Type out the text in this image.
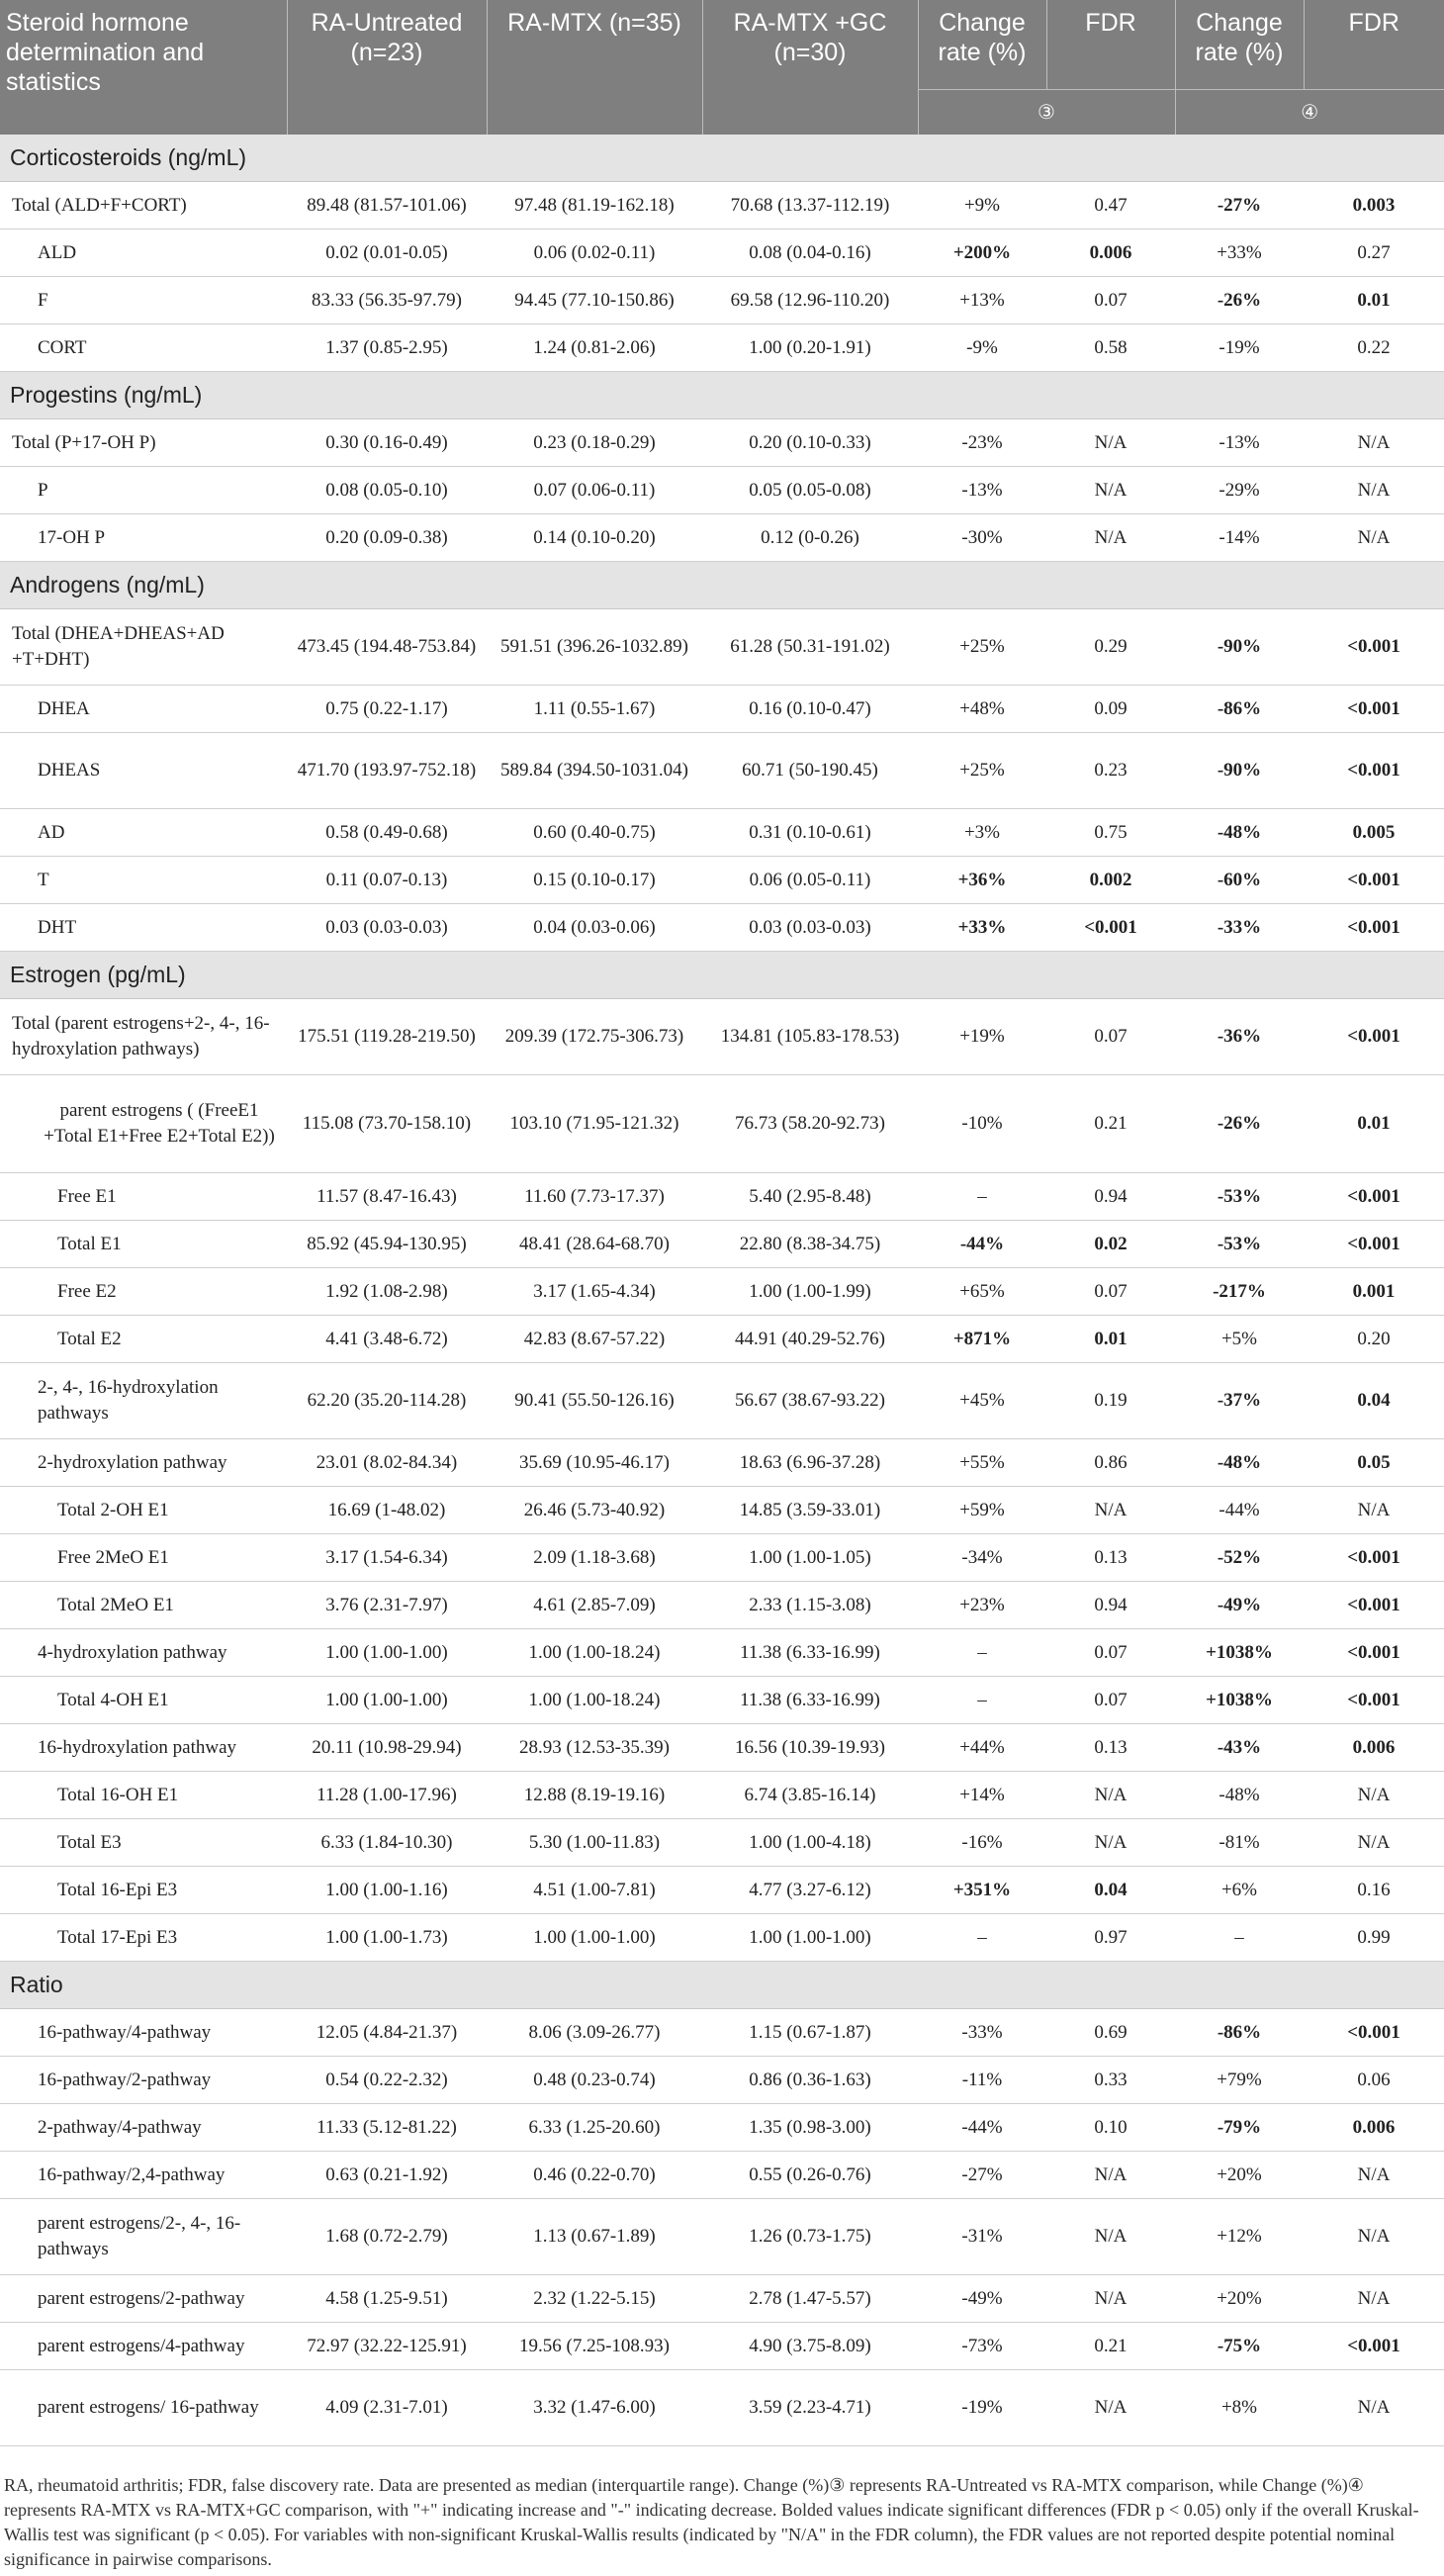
Steroid hormone determination and statistics	RA-Untreated (n=23)	RA-MTX (n=35)	RA-MTX +GC (n=30)	Change rate (%)	FDR	Change rate (%)	FDR
				③		④	
Corticosteroids (ng/mL)							
Total (ALD+F+CORT)	89.48 (81.57-101.06)	97.48 (81.19-162.18)	70.68 (13.37-112.19)	+9%	0.47	-27%	0.003
ALD	0.02 (0.01-0.05)	0.06 (0.02-0.11)	0.08 (0.04-0.16)	+200%	0.006	+33%	0.27
F	83.33 (56.35-97.79)	94.45 (77.10-150.86)	69.58 (12.96-110.20)	+13%	0.07	-26%	0.01
CORT	1.37 (0.85-2.95)	1.24 (0.81-2.06)	1.00 (0.20-1.91)	-9%	0.58	-19%	0.22
Progestins (ng/mL)							
Total (P+17-OH P)	0.30 (0.16-0.49)	0.23 (0.18-0.29)	0.20 (0.10-0.33)	-23%	N/A	-13%	N/A
P	0.08 (0.05-0.10)	0.07 (0.06-0.11)	0.05 (0.05-0.08)	-13%	N/A	-29%	N/A
17-OH P	0.20 (0.09-0.38)	0.14 (0.10-0.20)	0.12 (0-0.26)	-30%	N/A	-14%	N/A
Androgens (ng/mL)							
Total (DHEA+DHEAS+AD +T+DHT)	473.45 (194.48-753.84)	591.51 (396.26-1032.89)	61.28 (50.31-191.02)	+25%	0.29	-90%	<0.001
DHEA	0.75 (0.22-1.17)	1.11 (0.55-1.67)	0.16 (0.10-0.47)	+48%	0.09	-86%	<0.001
DHEAS	471.70 (193.97-752.18)	589.84 (394.50-1031.04)	60.71 (50-190.45)	+25%	0.23	-90%	<0.001
AD	0.58 (0.49-0.68)	0.60 (0.40-0.75)	0.31 (0.10-0.61)	+3%	0.75	-48%	0.005
T	0.11 (0.07-0.13)	0.15 (0.10-0.17)	0.06 (0.05-0.11)	+36%	0.002	-60%	<0.001
DHT	0.03 (0.03-0.03)	0.04 (0.03-0.06)	0.03 (0.03-0.03)	+33%	<0.001	-33%	<0.001
Estrogen (pg/mL)							
Total (parent estrogens+2-, 4-, 16-hydroxylation pathways)	175.51 (119.28-219.50)	209.39 (172.75-306.73)	134.81 (105.83-178.53)	+19%	0.07	-36%	<0.001
parent estrogens ( (FreeE1 +Total E1+Free E2+Total E2))	115.08 (73.70-158.10)	103.10 (71.95-121.32)	76.73 (58.20-92.73)	-10%	0.21	-26%	0.01
Free E1	11.57 (8.47-16.43)	11.60 (7.73-17.37)	5.40 (2.95-8.48)	–	0.94	-53%	<0.001
Total E1	85.92 (45.94-130.95)	48.41 (28.64-68.70)	22.80 (8.38-34.75)	-44%	0.02	-53%	<0.001
Free E2	1.92 (1.08-2.98)	3.17 (1.65-4.34)	1.00 (1.00-1.99)	+65%	0.07	-217%	0.001
Total E2	4.41 (3.48-6.72)	42.83 (8.67-57.22)	44.91 (40.29-52.76)	+871%	0.01	+5%	0.20
2-, 4-, 16-hydroxylation pathways	62.20 (35.20-114.28)	90.41 (55.50-126.16)	56.67 (38.67-93.22)	+45%	0.19	-37%	0.04
2-hydroxylation pathway	23.01 (8.02-84.34)	35.69 (10.95-46.17)	18.63 (6.96-37.28)	+55%	0.86	-48%	0.05
Total 2-OH E1	16.69 (1-48.02)	26.46 (5.73-40.92)	14.85 (3.59-33.01)	+59%	N/A	-44%	N/A
Free 2MeO E1	3.17 (1.54-6.34)	2.09 (1.18-3.68)	1.00 (1.00-1.05)	-34%	0.13	-52%	<0.001
Total 2MeO E1	3.76 (2.31-7.97)	4.61 (2.85-7.09)	2.33 (1.15-3.08)	+23%	0.94	-49%	<0.001
4-hydroxylation pathway	1.00 (1.00-1.00)	1.00 (1.00-18.24)	11.38 (6.33-16.99)	–	0.07	+1038%	<0.001
Total 4-OH E1	1.00 (1.00-1.00)	1.00 (1.00-18.24)	11.38 (6.33-16.99)	–	0.07	+1038%	<0.001
16-hydroxylation pathway	20.11 (10.98-29.94)	28.93 (12.53-35.39)	16.56 (10.39-19.93)	+44%	0.13	-43%	0.006
Total 16-OH E1	11.28 (1.00-17.96)	12.88 (8.19-19.16)	6.74 (3.85-16.14)	+14%	N/A	-48%	N/A
Total E3	6.33 (1.84-10.30)	5.30 (1.00-11.83)	1.00 (1.00-4.18)	-16%	N/A	-81%	N/A
Total 16-Epi E3	1.00 (1.00-1.16)	4.51 (1.00-7.81)	4.77 (3.27-6.12)	+351%	0.04	+6%	0.16
Total 17-Epi E3	1.00 (1.00-1.73)	1.00 (1.00-1.00)	1.00 (1.00-1.00)	–	0.97	–	0.99
Ratio							
16-pathway/4-pathway	12.05 (4.84-21.37)	8.06 (3.09-26.77)	1.15 (0.67-1.87)	-33%	0.69	-86%	<0.001
16-pathway/2-pathway	0.54 (0.22-2.32)	0.48 (0.23-0.74)	0.86 (0.36-1.63)	-11%	0.33	+79%	0.06
2-pathway/4-pathway	11.33 (5.12-81.22)	6.33 (1.25-20.60)	1.35 (0.98-3.00)	-44%	0.10	-79%	0.006
16-pathway/2,4-pathway	0.63 (0.21-1.92)	0.46 (0.22-0.70)	0.55 (0.26-0.76)	-27%	N/A	+20%	N/A
parent estrogens/2-, 4-, 16-pathways	1.68 (0.72-2.79)	1.13 (0.67-1.89)	1.26 (0.73-1.75)	-31%	N/A	+12%	N/A
parent estrogens/2-pathway	4.58 (1.25-9.51)	2.32 (1.22-5.15)	2.78 (1.47-5.57)	-49%	N/A	+20%	N/A
parent estrogens/4-pathway	72.97 (32.22-125.91)	19.56 (7.25-108.93)	4.90 (3.75-8.09)	-73%	0.21	-75%	<0.001
parent estrogens/ 16-pathway	4.09 (2.31-7.01)	3.32 (1.47-6.00)	3.59 (2.23-4.71)	-19%	N/A	+8%	N/A
RA, rheumatoid arthritis; FDR, false discovery rate. Data are presented as median (interquartile range). Change (%)③ represents RA-Untreated vs RA-MTX comparison, while Change (%)④ represents RA-MTX vs RA-MTX+GC comparison, with "+" indicating increase and "-" indicating decrease. Bolded values indicate significant differences (FDR p < 0.05) only if the overall Kruskal-Wallis test was significant (p < 0.05). For variables with non-significant Kruskal-Wallis results (indicated by "N/A" in the FDR column), the FDR values are not reported despite potential nominal significance in pairwise comparisons.
